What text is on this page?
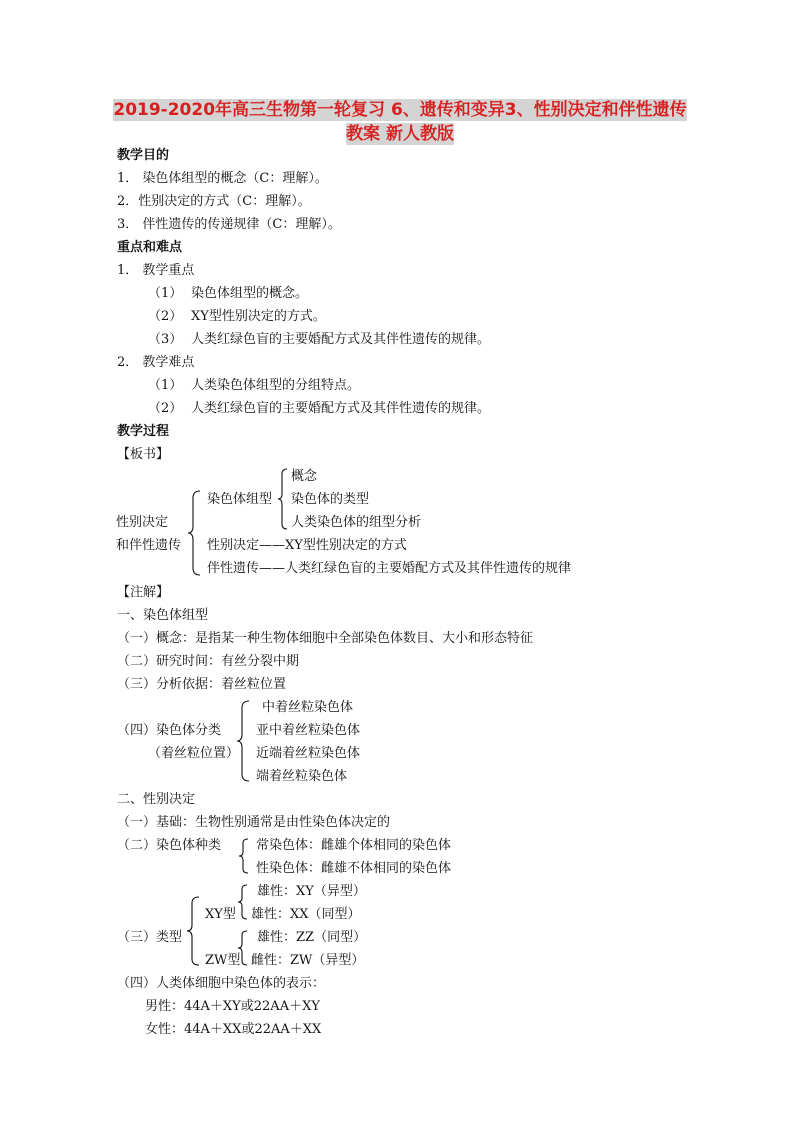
2019-2020年高三生物第一轮复习 6、遗传和变异3、性别决定和伴性遗传
教案 新人教版
教学目的
1． 染色体组型的概念（C：理解）。
2．性别决定的方式（C：理解）。
3． 伴性遗传的传递规律（C：理解）。
重点和难点
1． 教学重点
（1） 染色体组型的概念。
（2） XY型性别决定的方式。
（3） 人类红绿色盲的主要婚配方式及其伴性遗传的规律。
2． 教学难点
（1） 人类染色体组型的分组特点。
（2） 人类红绿色盲的主要婚配方式及其伴性遗传的规律。
教学过程
【板书】
概念
染色体组型 染色体的类型
性别决定	人类染色体的组型分析
和伴性遗传 性别决定——XY型性别决定的方式
伴性遗传——人类红绿色盲的主要婚配方式及其伴性遗传的规律
【注解】
一、染色体组型
（一）概念：是指某一种生物体细胞中全部染色体数目、大小和形态特征
（二）研究时间：有丝分裂中期
（三）分析依据：着丝粒位置
中着丝粒染色体
（四）染色体分类	亚中着丝粒染色体
（着丝粒位置） 近端着丝粒染色体
端着丝粒染色体
二、性别决定
（一）基础：生物性别通常是由性染色体决定的
（二）染色体种类	常染色体：雌雄个体相同的染色体
性染色体：雌雄不体相同的染色体
雄性：XY（异型）
XY型 雄性：XX（同型）
（三）类型	雄性：ZZ（同型）
ZW型 雌性：ZW（异型）
（四）人类体细胞中染色体的表示：
男性：44A＋XY或22AA＋XY
女性：44A＋XX或22AA＋XX
